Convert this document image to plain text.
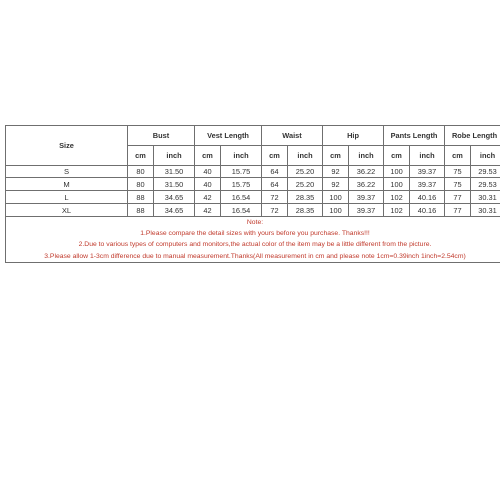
Size	Bust		Vest Length		Waist		Hip		Pants Length		Robe Length	
	cm	inch	cm	inch	cm	inch	cm	inch	cm	inch	cm	inch
S	80	31.50	40	15.75	64	25.20	92	36.22	100	39.37	75	29.53
M	80	31.50	40	15.75	64	25.20	92	36.22	100	39.37	75	29.53
L	88	34.65	42	16.54	72	28.35	100	39.37	102	40.16	77	30.31
XL	88	34.65	42	16.54	72	28.35	100	39.37	102	40.16	77	30.31

Note:
1.Please compare the detail sizes with yours before you purchase. Thanks!!!
2.Due to various types of computers and monitors,the actual color of the item may be a little different from the picture.
3.Please allow 1-3cm difference due to manual measurement.Thanks(All measurement in cm and please note 1cm=0.39inch 1inch=2.54cm)												
